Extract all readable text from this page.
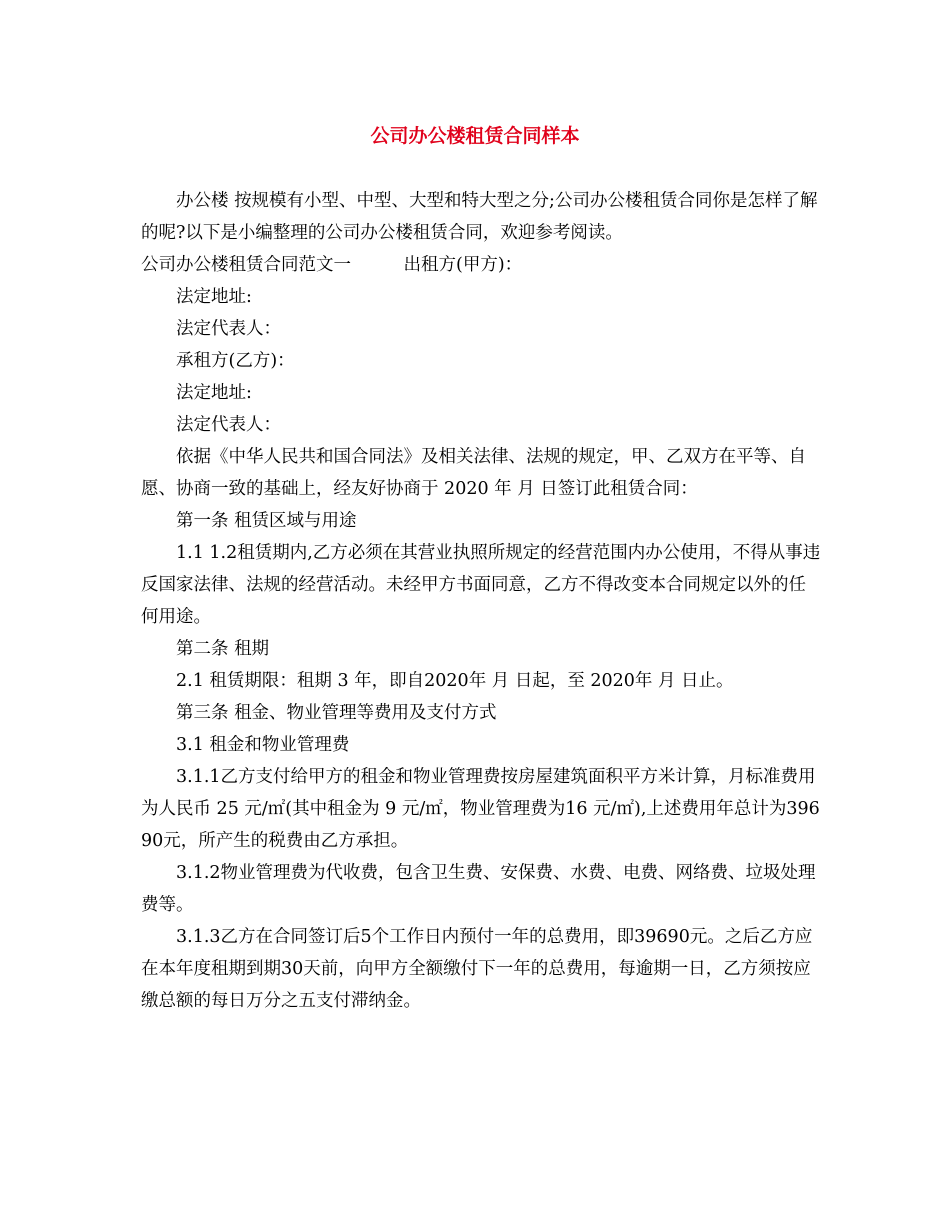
公司办公楼租赁合同样本

办公楼 按规模有小型、中型、大型和特大型之分;公司办公楼租赁合同你是怎样了解的呢?以下是小编整理的公司办公楼租赁合同，欢迎参考阅读。

公司办公楼租赁合同范文一	出租方(甲方)：

法定地址:

法定代表人：

承租方(乙方)：

法定地址:

法定代表人：

依据《中华人民共和国合同法》及相关法律、法规的规定，甲、乙双方在平等、自愿、协商一致的基础上，经友好协商于 2020 年 月 日签订此租赁合同：

第一条 租赁区域与用途

1.1 1.2租赁期内,乙方必须在其营业执照所规定的经营范围内办公使用，不得从事违反国家法律、法规的经营活动。未经甲方书面同意，乙方不得改变本合同规定以外的任何用途。

第二条 租期

2.1 租赁期限：租期 3 年，即自2020年 月 日起，至 2020年 月 日止。

第三条 租金、物业管理等费用及支付方式

3.1 租金和物业管理费

3.1.1乙方支付给甲方的租金和物业管理费按房屋建筑面积平方米计算，月标准费用为人民币 25 元/㎡(其中租金为 9 元/㎡，物业管理费为16 元/㎡),上述费用年总计为39690元，所产生的税费由乙方承担。

3.1.2物业管理费为代收费，包含卫生费、安保费、水费、电费、网络费、垃圾处理费等。

3.1.3乙方在合同签订后5个工作日内预付一年的总费用，即39690元。之后乙方应在本年度租期到期30天前，向甲方全额缴付下一年的总费用，每逾期一日，乙方须按应缴总额的每日万分之五支付滞纳金。
